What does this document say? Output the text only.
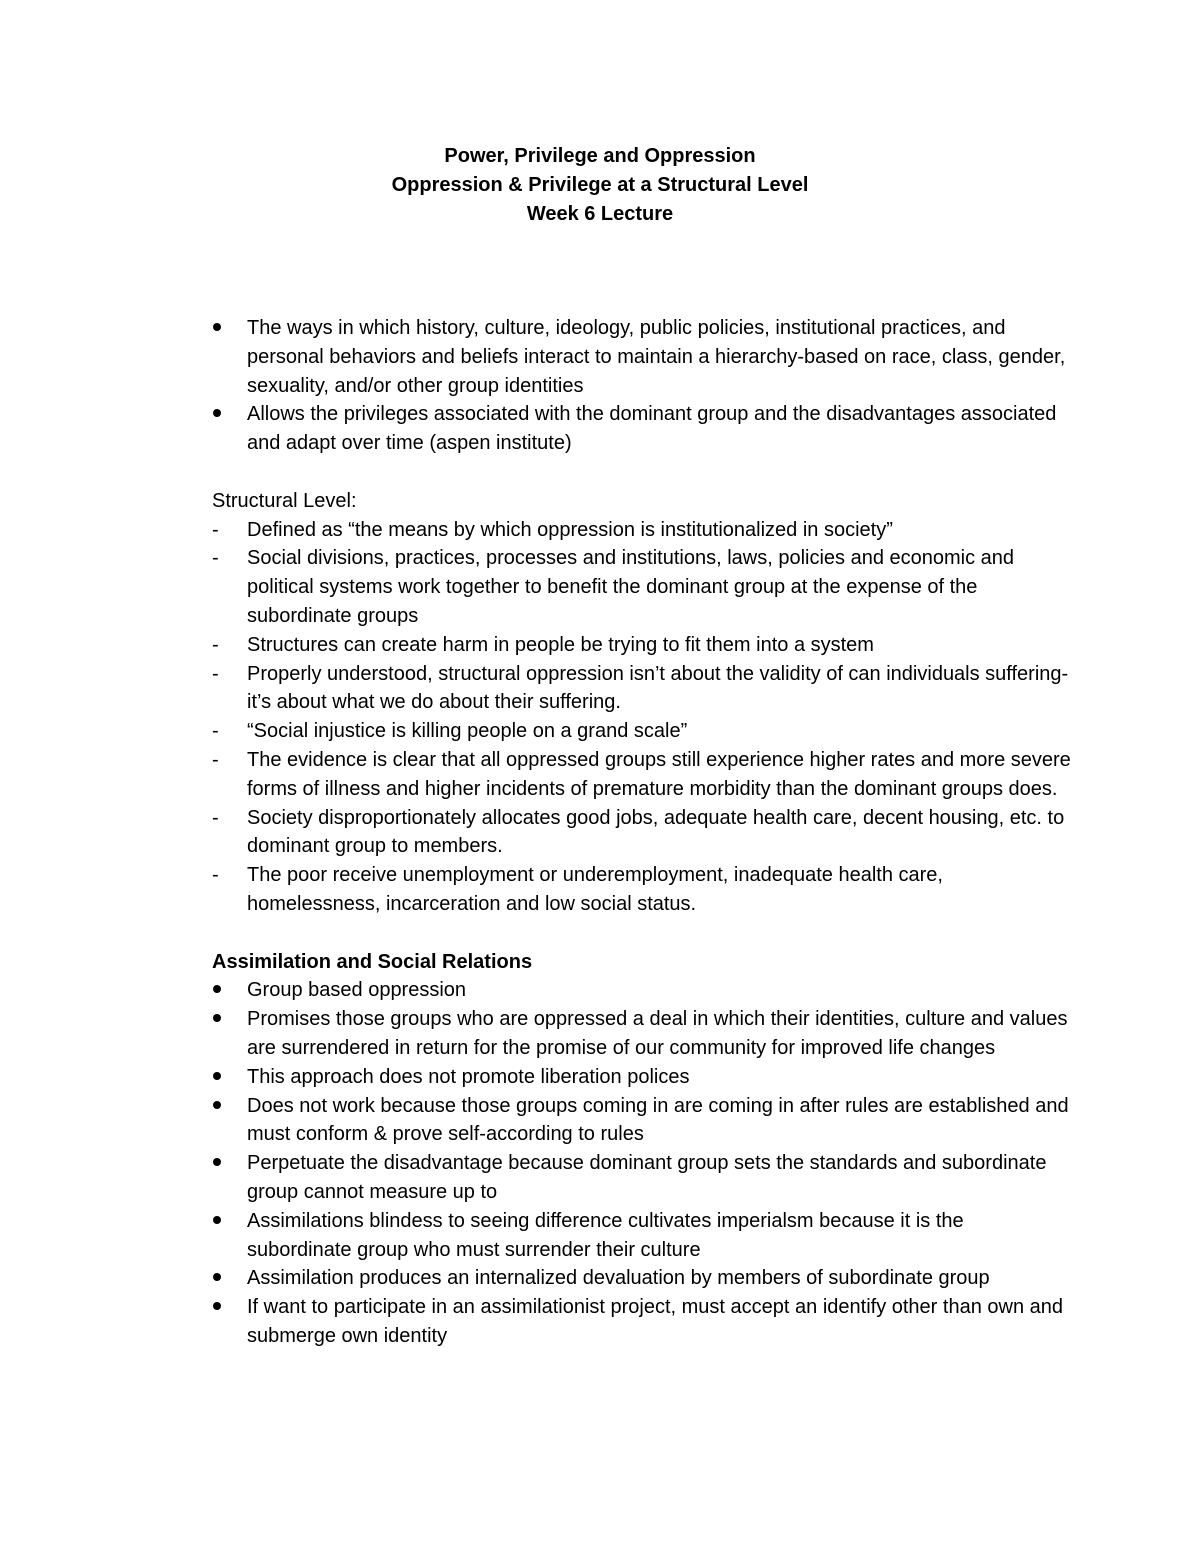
Power, Privilege and Oppression
Oppression & Privilege at a Structural Level
Week 6 Lecture
The ways in which history, culture, ideology, public policies, institutional practices, and personal behaviors and beliefs interact to maintain a hierarchy-based on race, class, gender, sexuality, and/or other group identities
Allows the privileges associated with the dominant group and the disadvantages associated and adapt over time (aspen institute)

Structural Level:

-	Defined as “the means by which oppression is institutionalized in society”
-	Social divisions, practices, processes and institutions, laws, policies and economic and political systems work together to benefit the dominant group at the expense of the subordinate groups
-	Structures can create harm in people be trying to fit them into a system
-	Properly understood, structural oppression isn’t about the validity of can individuals suffering- it’s about what we do about their suffering.
-	“Social injustice is killing people on a grand scale”
-	The evidence is clear that all oppressed groups still experience higher rates and more severe forms of illness and higher incidents of premature morbidity than the dominant groups does.
-	Society disproportionately allocates good jobs, adequate health care, decent housing, etc. to dominant group to members.
-	The poor receive unemployment or underemployment, inadequate health care, homelessness, incarceration and low social status.

Assimilation and Social Relations

Group based oppression
Promises those groups who are oppressed a deal in which their identities, culture and values are surrendered in return for the promise of our community for improved life changes
This approach does not promote liberation polices
Does not work because those groups coming in are coming in after rules are established and must conform & prove self-according to rules
Perpetuate the disadvantage because dominant group sets the standards and subordinate group cannot measure up to
Assimilations blindess to seeing difference cultivates imperialsm because it is the subordinate group who must surrender their culture
Assimilation produces an internalized devaluation by members of subordinate group
If want to participate in an assimilationist project, must accept an identify other than own and submerge own identity
